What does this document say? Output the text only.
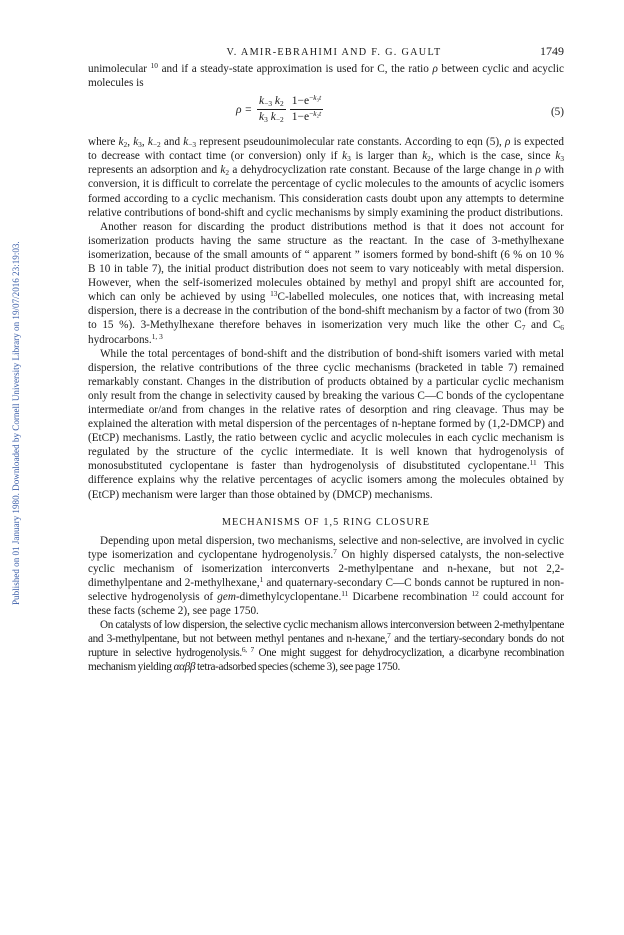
Published on 01 January 1980. Downloaded by Cornell University Library on 19/07/2016 23:19:03.
V. AMIR-EBRAHIMI AND F. G. GAULT	1749

unimolecular $^{10}$ and if a steady-state approximation is used for C, the ratio ρ between cyclic and acyclic molecules is

$\rho = \frac{k_{-3} k_2}{k_3 k_{-2}} \frac{1-e^{-k_3t}}{1-e^{-k_2t}}$	(5)

where $k_2$, $k_3$, $k_{-2}$ and $k_{-3}$ represent pseudounimolecular rate constants. According to eqn (5), ρ is expected to decrease with contact time (or conversion) only if $k_3$ is larger than $k_2$, which is the case, since $k_3$ represents an adsorption and $k_2$ a dehydrocyclization rate constant. Because of the large change in ρ with conversion, it is difficult to correlate the percentage of cyclic molecules to the amounts of acyclic isomers formed according to a cyclic mechanism. This consideration casts doubt upon any attempts to determine relative contributions of bond-shift and cyclic mechanisms by simply examining the product distributions.

Another reason for discarding the product distributions method is that it does not account for isomerization products having the same structure as the reactant. In the case of 3-methylhexane isomerization, because of the small amounts of “ apparent ” isomers formed by bond-shift (6 % on 10 % B 10 in table 7), the initial product distribution does not seem to vary noticeably with metal dispersion. However, when the self-isomerized molecules obtained by methyl and propyl shift are accounted for, which can only be achieved by using $^{13}$C-labelled molecules, one notices that, with increasing metal dispersion, there is a decrease in the contribution of the bond-shift mechanism by a factor of two (from 30 to 15 %). 3-Methylhexane therefore behaves in isomerization very much like the other $C_7$ and $C_6$ hydrocarbons.$^{1, 3}$

While the total percentages of bond-shift and the distribution of bond-shift isomers varied with metal dispersion, the relative contributions of the three cyclic mechanisms (bracketed in table 7) remained remarkably constant. Changes in the distribution of products obtained by a particular cyclic mechanism only result from the change in selectivity caused by breaking the various C—C bonds of the cyclopentane intermediate or/and from changes in the relative rates of desorption and ring cleavage. Thus may be explained the alteration with metal dispersion of the percentages of n-heptane formed by (1,2-DMCP) and (EtCP) mechanisms. Lastly, the ratio between cyclic and acyclic molecules in each cyclic mechanism is regulated by the structure of the cyclic intermediate. It is well known that hydrogenolysis of monosubstituted cyclopentane is faster than hydrogenolysis of disubstituted cyclopentane.$^{11}$ This difference explains why the relative percentages of acyclic isomers among the molecules obtained by (EtCP) mechanism were larger than those obtained by (DMCP) mechanisms.

MECHANISMS OF 1,5 RING CLOSURE

Depending upon metal dispersion, two mechanisms, selective and non-selective, are involved in cyclic type isomerization and cyclopentane hydrogenolysis.$^7$ On highly dispersed catalysts, the non-selective cyclic mechanism of isomerization interconverts 2-methylpentane and n-hexane, but not 2,2-dimethylpentane and 2-methylhexane,$^1$ and quaternary-secondary C—C bonds cannot be ruptured in non-selective hydrogenolysis of gem-dimethylcyclopentane.$^{11}$ Dicarbene recombination $^{12}$ could account for these facts (scheme 2), see page 1750.

On catalysts of low dispersion, the selective cyclic mechanism allows interconversion between 2-methylpentane and 3-methylpentane, but not between methyl pentanes and n-hexane,$^7$ and the tertiary-secondary bonds do not rupture in selective hydrogenolysis.$^{6, 7}$ One might suggest for dehydrocyclization, a dicarbyne recombination mechanism yielding ααββ tetra-adsorbed species (scheme 3), see page 1750.
